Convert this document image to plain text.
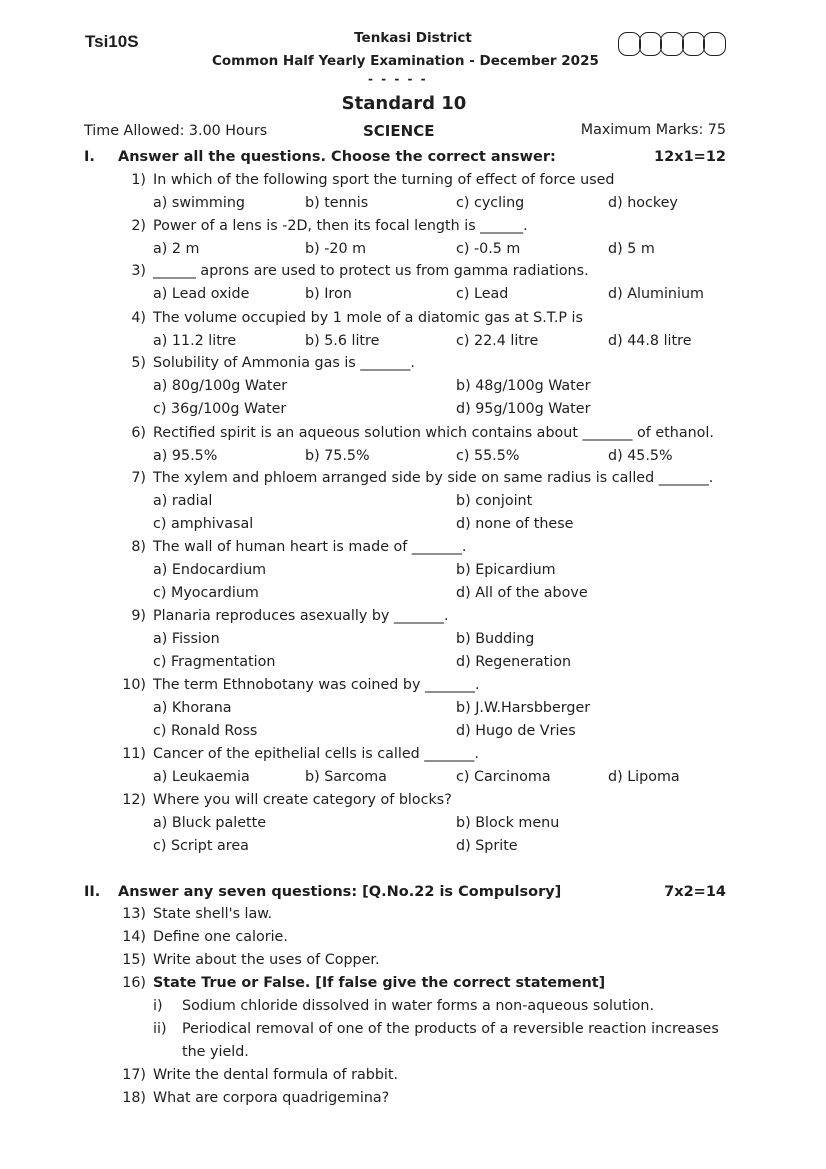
Tsi10S	Tenkasi District
Common Half Yearly Examination - December 2025
- - - - -
Standard 10
Time Allowed: 3.00 Hours	SCIENCE	Maximum Marks: 75
I. Answer all the questions. Choose the correct answer:	12x1=12
1) In which of the following sport the turning of effect of force used
a) swimming	b) tennis	c) cycling	d) hockey
2) Power of a lens is -2D, then its focal length is ______.
a) 2 m	b) -20 m	c) -0.5 m	d) 5 m
3) ______ aprons are used to protect us from gamma radiations.
a) Lead oxide	b) Iron	c) Lead	d) Aluminium
4) The volume occupied by 1 mole of a diatomic gas at S.T.P is
a) 11.2 litre	b) 5.6 litre	c) 22.4 litre	d) 44.8 litre
5) Solubility of Ammonia gas is _______.
a) 80g/100g Water	b) 48g/100g Water
c) 36g/100g Water	d) 95g/100g Water
6) Rectified spirit is an aqueous solution which contains about _______ of ethanol.
a) 95.5%	b) 75.5%	c) 55.5%	d) 45.5%
7) The xylem and phloem arranged side by side on same radius is called _______.
a) radial	b) conjoint
c) amphivasal	d) none of these
8) The wall of human heart is made of _______.
a) Endocardium	b) Epicardium
c) Myocardium	d) All of the above
9) Planaria reproduces asexually by _______.
a) Fission	b) Budding
c) Fragmentation	d) Regeneration
10) The term Ethnobotany was coined by _______.
a) Khorana	b) J.W.Harsbberger
c) Ronald Ross	d) Hugo de Vries
11) Cancer of the epithelial cells is called _______.
a) Leukaemia	b) Sarcoma	c) Carcinoma	d) Lipoma
12) Where you will create category of blocks?
a) Bluck palette	b) Block menu
c) Script area	d) Sprite
II. Answer any seven questions: [Q.No.22 is Compulsory]	7x2=14
13) State shell's law.
14) Define one calorie.
15) Write about the uses of Copper.
16) State True or False. [If false give the correct statement]
17) Write the dental formula of rabbit.
18) What are corpora quadrigemina?
i) Sodium chloride dissolved in water forms a non-aqueous solution.
ii) Periodical removal of one of the products of a reversible reaction increases
the yield.
